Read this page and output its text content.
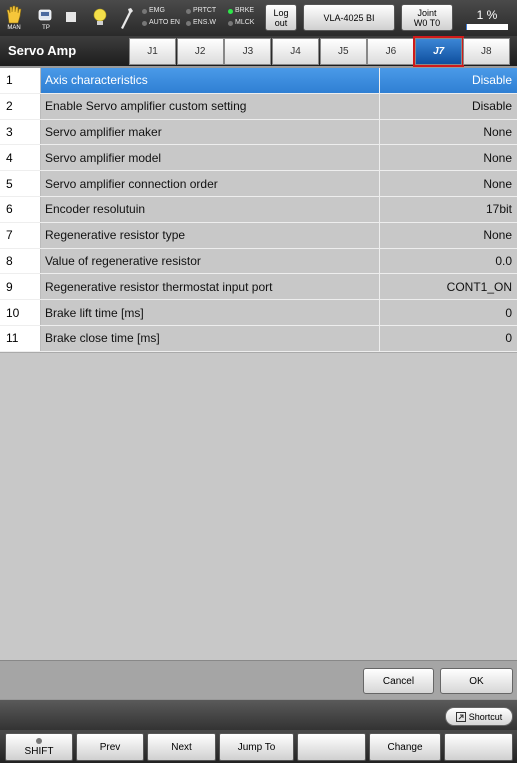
MAN	TP
EMG
AUTO EN
PRTCT
ENS.W
BRKE
MLCK
Log
out	VLA-4025 BI	Joint
W0 T0
1 %
Servo Amp	J1	J2	J3	J4	J5	J6	J7	J8
1	Axis characteristics	Disable
2	Enable Servo amplifier custom setting	Disable
3	Servo amplifier maker	None
4	Servo amplifier model	None
5	Servo amplifier connection order	None
6	Encoder resolutuin	17bit
7	Regenerative resistor type	None
8	Value of regenerative resistor	0.0
9	Regenerative resistor thermostat input port	CONT1_ON
10	Brake lift time [ms]	0
11	Brake close time [ms]	0
Cancel	OK
Shortcut
SHIFT	Prev	Next	Jump To	Change
